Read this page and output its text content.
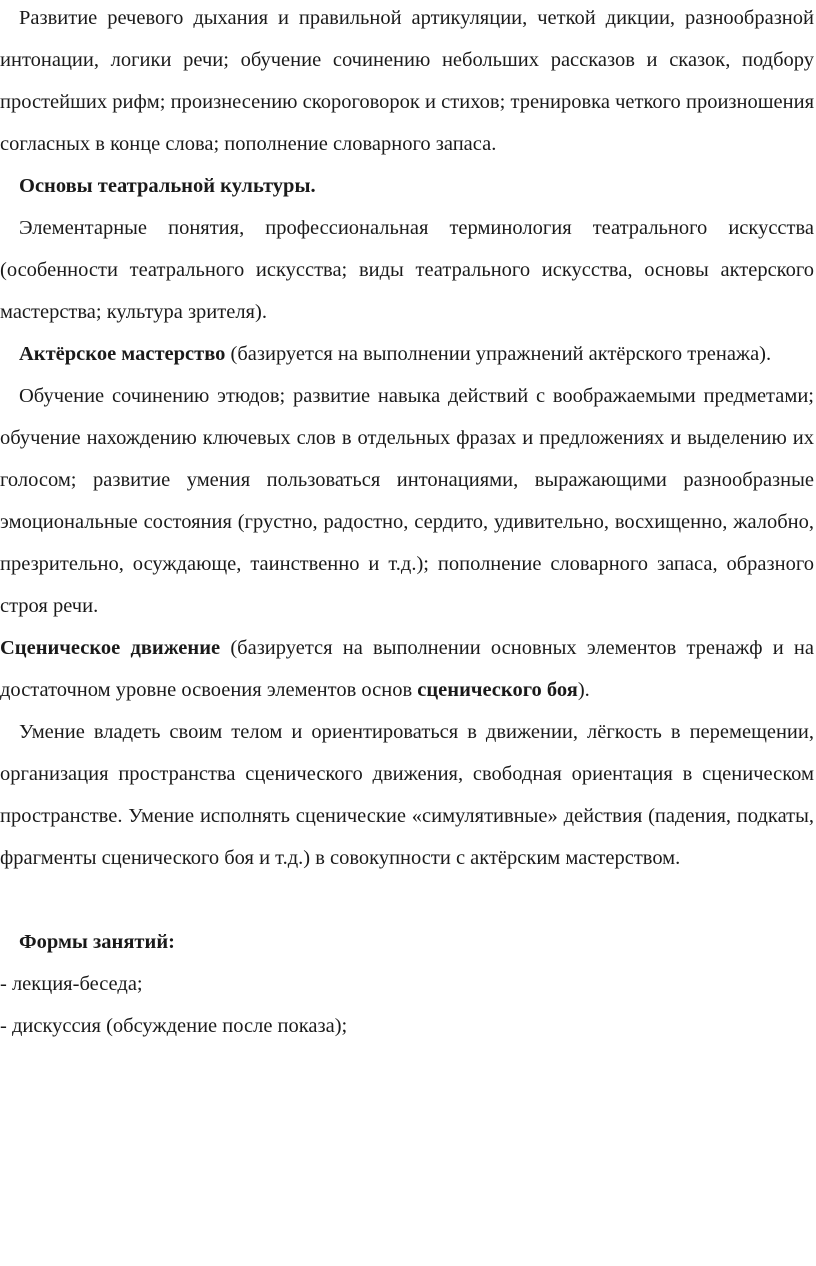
Развитие речевого дыхания и правильной артикуляции, четкой дикции, разнообразной интонации, логики речи; обучение сочинению небольших рассказов и сказок, подбору простейших рифм; произнесению скороговорок и стихов; тренировка четкого произношения согласных в конце слова; пополнение словарного запаса.

Основы театральной культуры.

Элементарные понятия, профессиональная терминология театрального искусства (особенности театрального искусства; виды театрального искусства, основы актерского мастерства; культура зрителя).

Актёрское мастерство (базируется на выполнении упражнений актёрского тренажа).

Обучение сочинению этюдов; развитие навыка действий с воображаемыми предметами; обучение нахождению ключевых слов в отдельных фразах и предложениях и выделению их голосом; развитие умения пользоваться интонациями, выражающими разнообразные эмоциональные состояния (грустно, радостно, сердито, удивительно, восхищенно, жалобно, презрительно, осуждающе, таинственно и т.д.); пополнение словарного запаса, образного строя речи.

Сценическое движение (базируется на выполнении основных элементов тренажф и на достаточном уровне освоения элементов основ сценического боя).

Умение владеть своим телом и ориентироваться в движении, лёгкость в перемещении, организация пространства сценического движения, свободная ориентация в сценическом пространстве. Умение исполнять сценические «симулятивные» действия (падения, подкаты, фрагменты сценического боя и т.д.) в совокупности с актёрским мастерством.

Формы занятий:

- лекция-беседа;

- дискуссия (обсуждение после показа);
